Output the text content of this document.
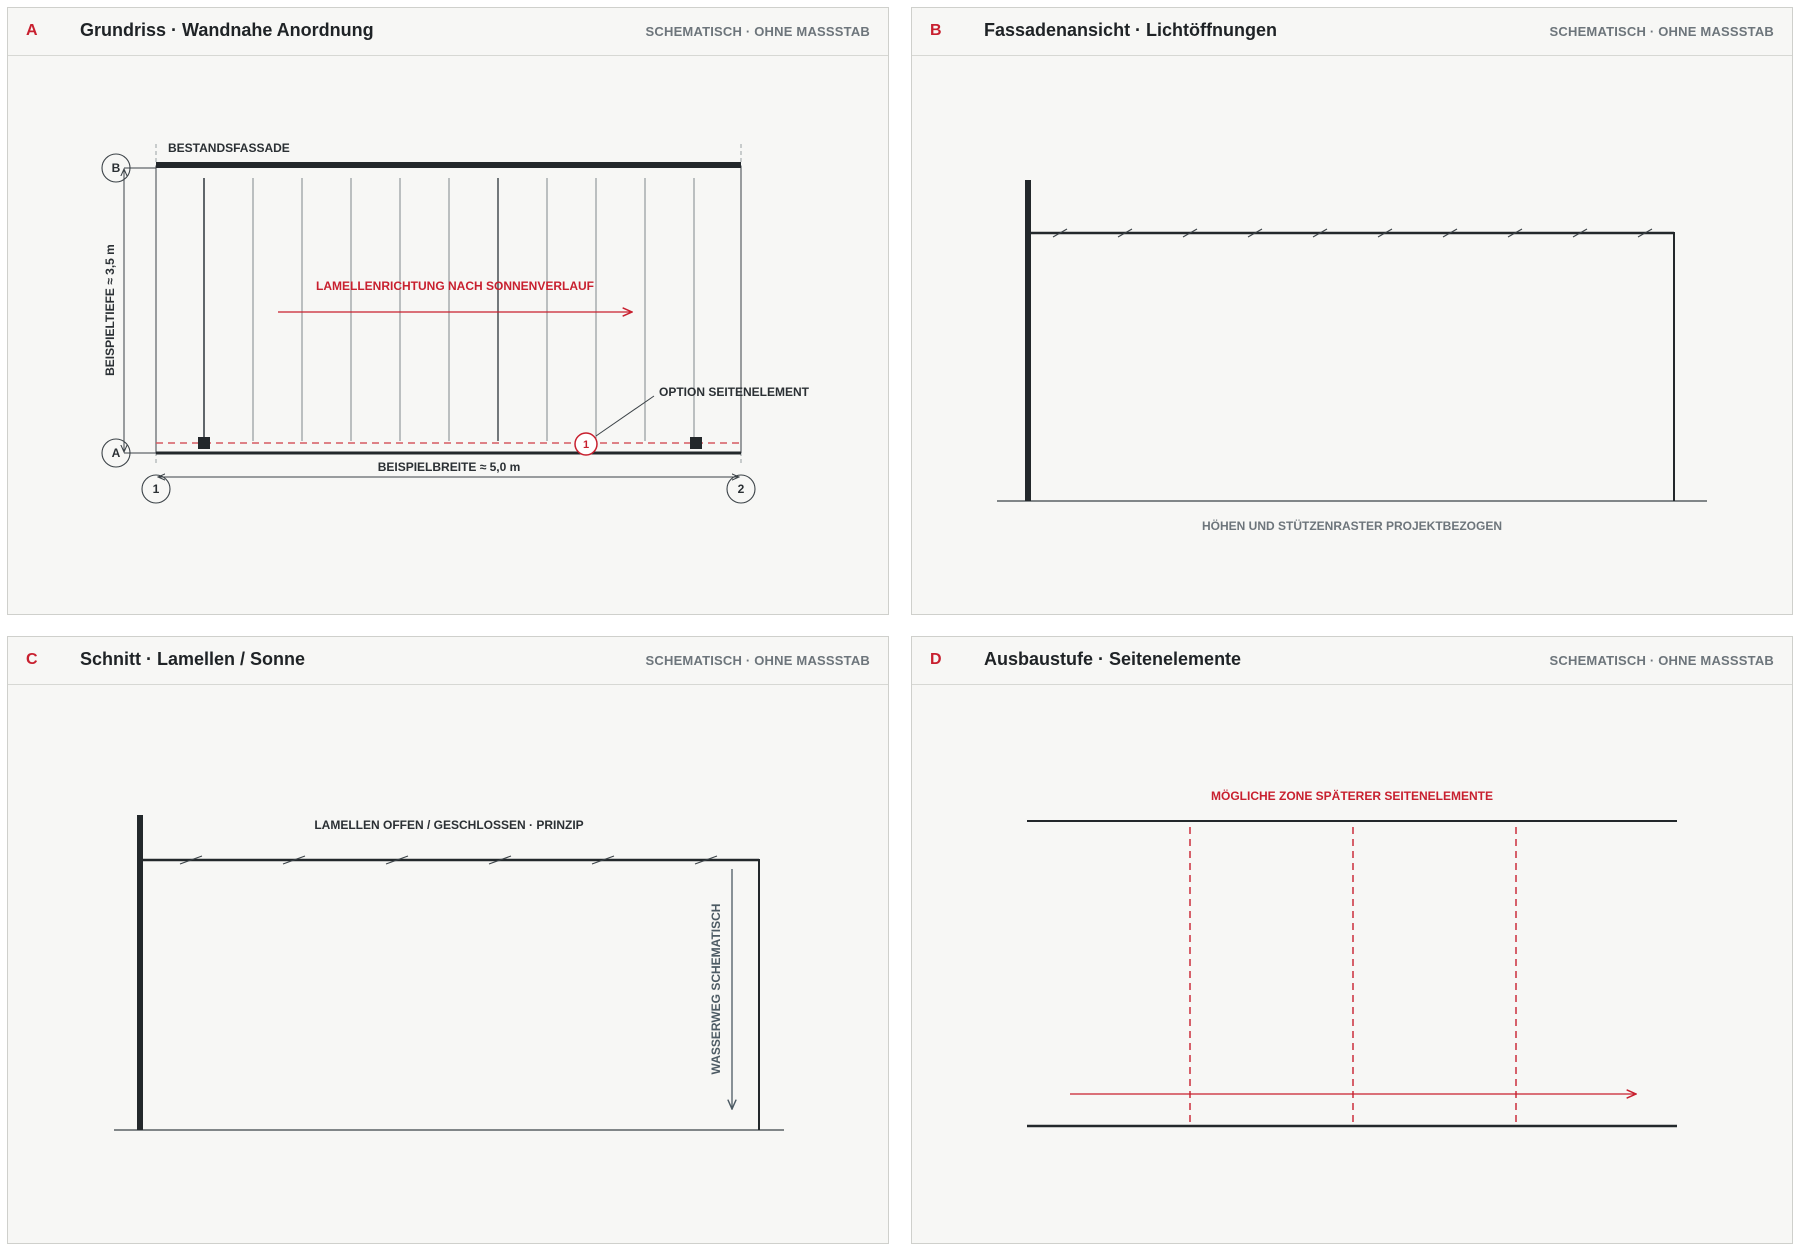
A Grundriss · Wandnahe Anordnung	SCHEMATISCH · OHNE MASSSTAB
BESTANDSFASSADE
LAMELLENRICHTUNG NACH SONNENVERLAUF
1
OPTION SEITENELEMENT
BEISPIELTIEFE ≈ 3,5 m
BEISPIELBREITE ≈ 5,0 m
B
A
1	2
B Fassadenansicht · Lichtöffnungen	SCHEMATISCH · OHNE MASSSTAB
HÖHEN UND STÜTZENRASTER PROJEKTBEZOGEN
C Schnitt · Lamellen / Sonne	SCHEMATISCH · OHNE MASSSTAB
LAMELLEN OFFEN / GESCHLOSSEN · PRINZIP
WASSERWEG SCHEMATISCH
D Ausbaustufe · Seitenelemente	SCHEMATISCH · OHNE MASSSTAB
MÖGLICHE ZONE SPÄTERER SEITENELEMENTE
